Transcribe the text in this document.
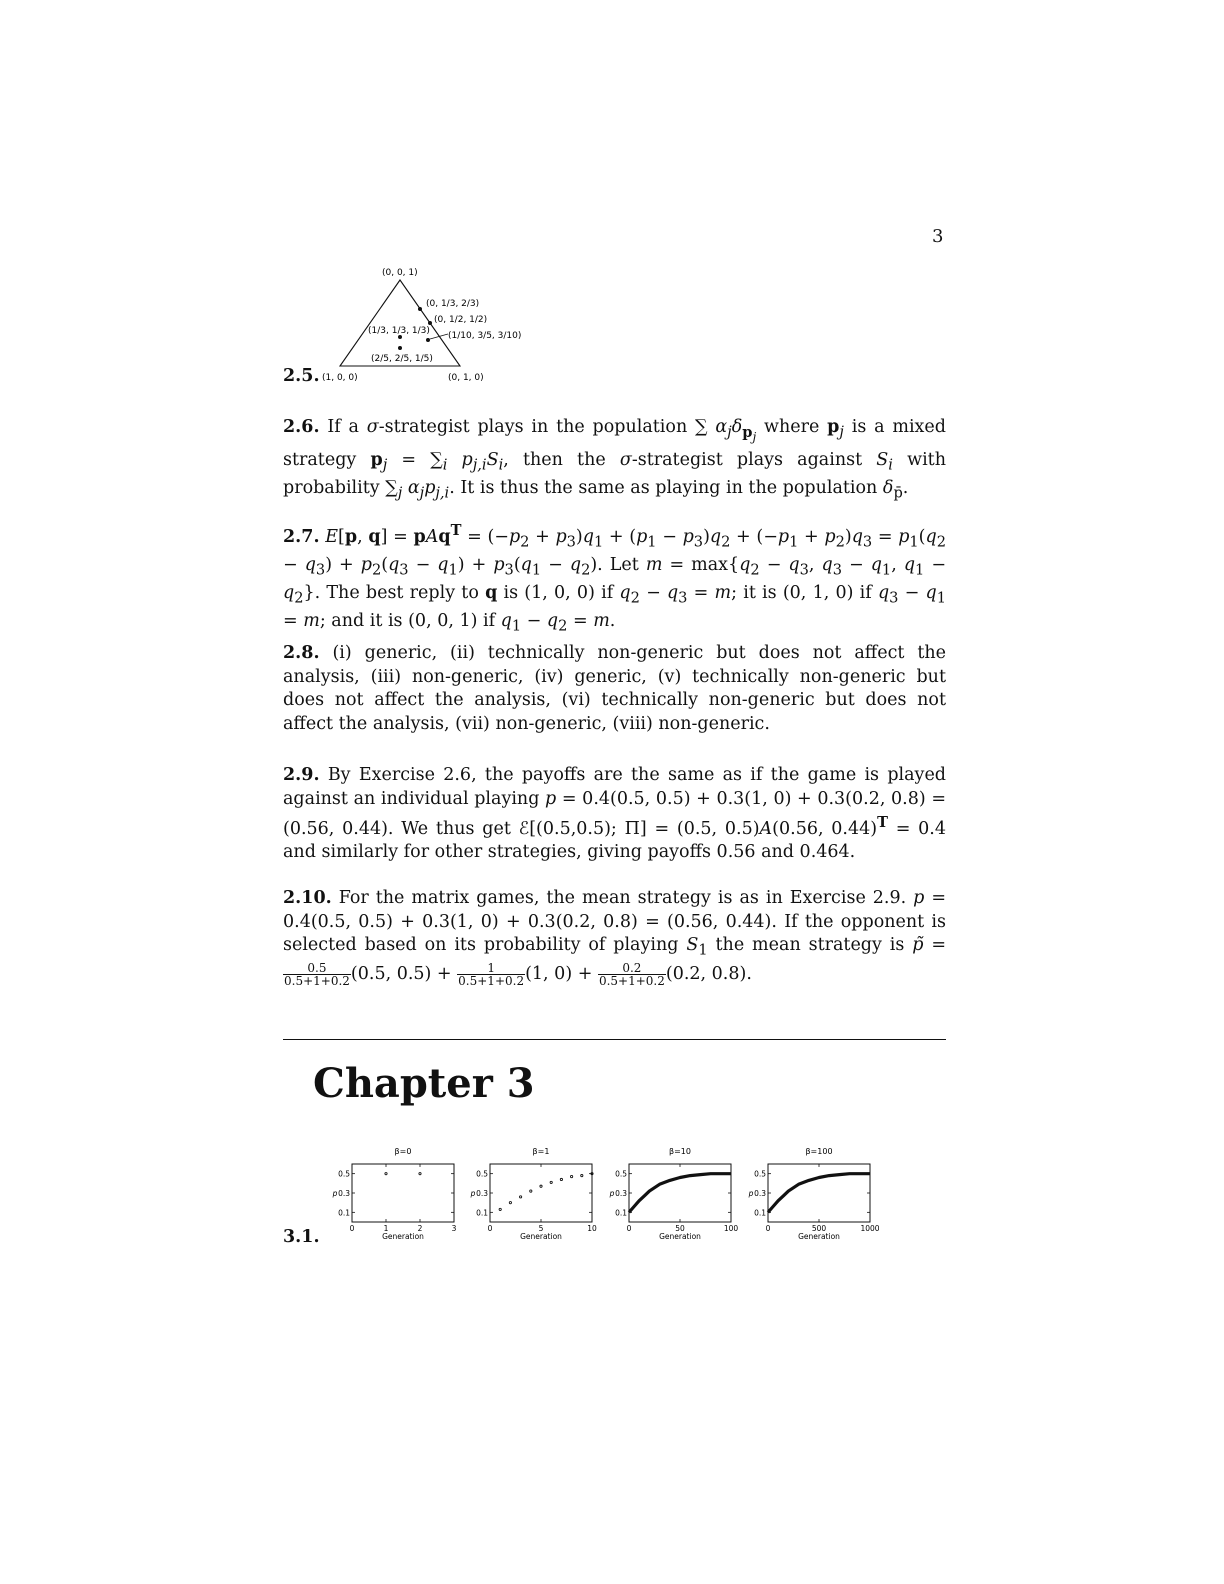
3
2.5.
(0, 0, 1)
(1, 0, 0)	(0, 1, 0)
(0, 1/3, 2/3)
(0, 1/2, 1/2)
(1/3, 1/3, 1/3) (1/10, 3/5, 3/10)
(2/5, 2/5, 1/5)
2.6. If a σ-strategist plays in the population ∑ $\alpha_j\delta_{p_j}$ where $p_j$ is a mixed strategy $p_j = \sum_i$ $p_{j,i}S_i$, then the σ-strategist plays against $S_i$ with probability $\sum_j$ $\alpha_jp_{j,i}$. It is thus the same as playing in the population $\delta_{p̄}$.
2.7. E[p, $q] = pAq^T = (-p_2 + p_3)q_1 + (p_1 - p_3)q_2 + (-p_1 + p_2)q_3 = p_1(q_2 - q_3) + p_2(q_3 - q_1) + p_3(q_1 - q_2)$. Let $m = \max\{q_2 - q_3$, $q_3 - q_1$, $q_1 - q_2$}. The best reply to q is (1, 0, 0) if $q_2 - q_3 = m$; it is (0, 1, 0) if $q_3 - q_1 = m$; and it is (0, 0, 1) if $q_1 - q_2 = m$.
2.8. (i) generic, (ii) technically non-generic but does not affect the analysis, (iii) non-generic, (iv) generic, (v) technically non-generic but does not affect the analysis, (vi) technically non-generic but does not affect the analysis, (vii) non-generic, (viii) non-generic.
2.9. By Exercise 2.6, the payoffs are the same as if the game is played against an individual playing p = 0.4(0.5, 0.5) + 0.3(1, 0) + 0.3(0.2, 0.8) = (0.56, 0.44). We thus get ℰ[(0.5,0.5); Π] = (0.5, 0.5)A(0.56, 0.44)$^T$ = 0.4 and similarly for other strategies, giving payoffs 0.56 and 0.464.
2.10. For the matrix games, the mean strategy is as in Exercise 2.9. p = 0.4(0.5, 0.5) + 0.3(1, 0) + 0.3(0.2, 0.8) = (0.56, 0.44). If the opponent is selected based on its probability of playing $S_1$ the mean strategy is p̃ =
$\frac{0.5}{0.5+1+0.2} (0.5$, $0.5) + \frac{1}{0.5+1+0.2} (1$, $0) + \frac{0.2}{0.5+1+0.2} (0.2$, 0.8).
Chapter 3
3.1.
β=0
0	1	2	3
0.1
0.3
0.5
Generation
p
β=1
0	5	10
0.1
0.3
0.5
Generation
p
β=10
0	50	100
0.1
0.3
0.5
Generation
p
β=100
0	500	1000
0.1
0.3
0.5
Generation
p
